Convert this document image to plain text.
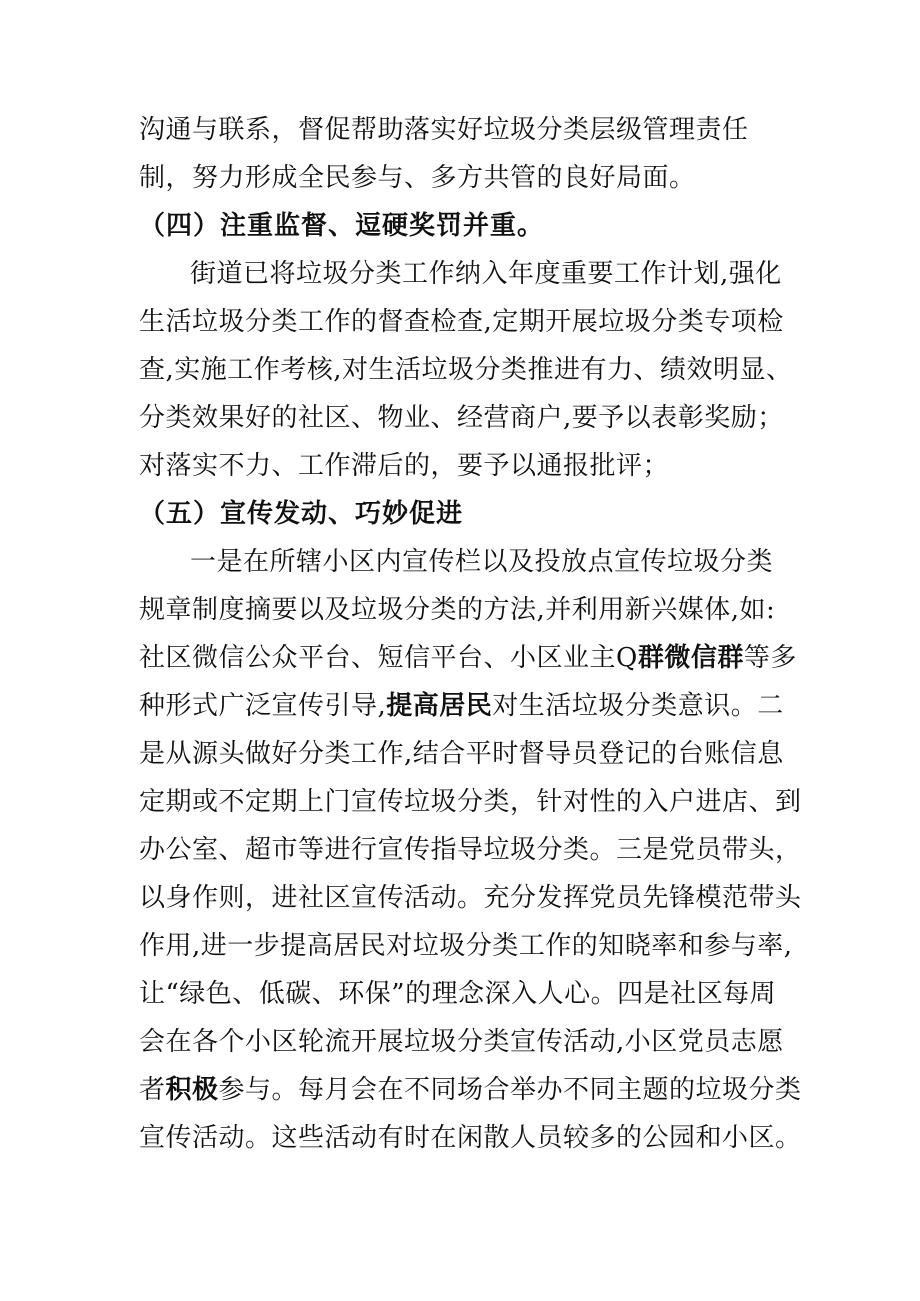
沟通与联系，督促帮助落实好垃圾分类层级管理责任
制，努力形成全民参与、多方共管的良好局面。
（四）注重监督、逗硬奖罚并重。
街道已将垃圾分类工作纳入年度重要工作计划,强化
生活垃圾分类工作的督查检查,定期开展垃圾分类专项检
查,实施工作考核,对生活垃圾分类推进有力、绩效明显、
分类效果好的社区、物业、经营商户,要予以表彰奖励；
对落实不力、工作滞后的，要予以通报批评；
（五）宣传发动、巧妙促进
一是在所辖小区内宣传栏以及投放点宣传垃圾分类
规章制度摘要以及垃圾分类的方法,并利用新兴媒体,如:
社区微信公众平台、短信平台、小区业主Q群微信群等多
种形式广泛宣传引导,提高居民对生活垃圾分类意识。二
是从源头做好分类工作,结合平时督导员登记的台账信息
定期或不定期上门宣传垃圾分类，针对性的入户进店、到
办公室、超市等进行宣传指导垃圾分类。三是党员带头，
以身作则，进社区宣传活动。充分发挥党员先锋模范带头
作用,进一步提高居民对垃圾分类工作的知晓率和参与率,
让“绿色、低碳、环保”的理念深入人心。四是社区每周
会在各个小区轮流开展垃圾分类宣传活动,小区党员志愿
者积极参与。每月会在不同场合举办不同主题的垃圾分类
宣传活动。这些活动有时在闲散人员较多的公园和小区。
